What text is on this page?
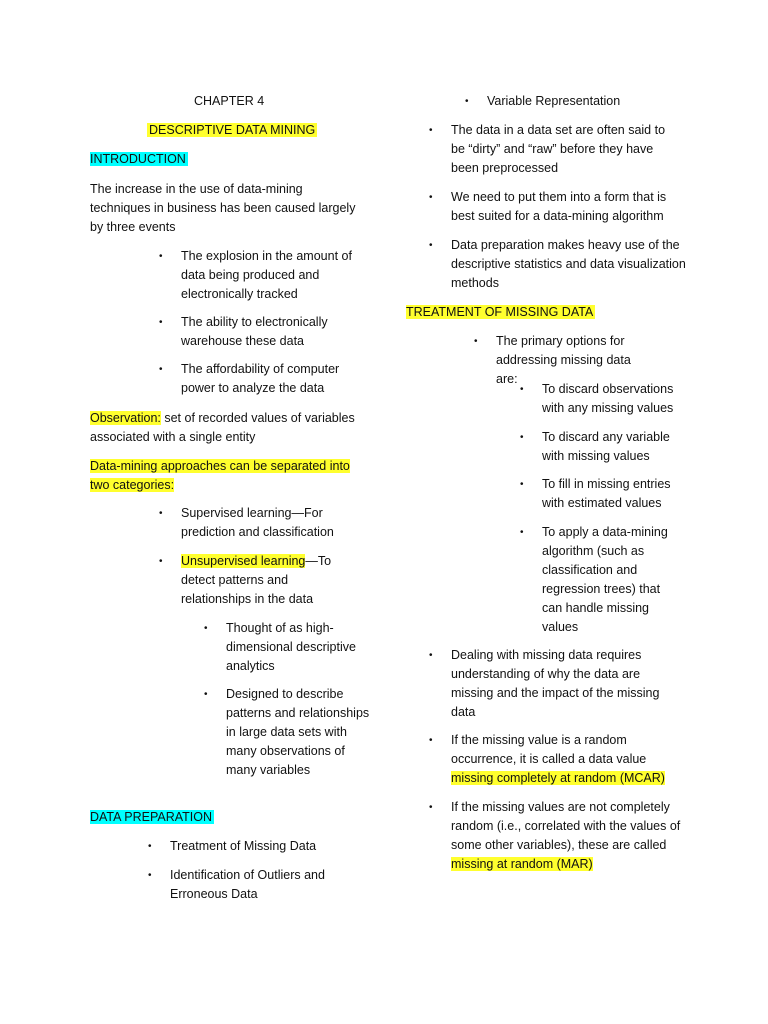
CHAPTER 4
DESCRIPTIVE DATA MINING
INTRODUCTION
The increase in the use of data-mining techniques in business has been caused largely by three events
• The explosion in the amount of data being produced and electronically tracked
• The ability to electronically warehouse these data
• The affordability of computer power to analyze the data
Observation: set of recorded values of variables associated with a single entity
Data-mining approaches can be separated into two categories:
• Supervised learning—For prediction and classification
• Unsupervised learning—To detect patterns and relationships in the data
• Thought of as high-dimensional descriptive analytics
• Designed to describe patterns and relationships in large data sets with many observations of many variables
DATA PREPARATION
• Treatment of Missing Data
• Identification of Outliers and Erroneous Data
• Variable Representation
• The data in a data set are often said to be “dirty” and “raw” before they have been preprocessed
• We need to put them into a form that is best suited for a data-mining algorithm
• Data preparation makes heavy use of the descriptive statistics and data visualization methods
TREATMENT OF MISSING DATA
• The primary options for addressing missing data are:
• To discard observations with any missing values
• To discard any variable with missing values
• To fill in missing entries with estimated values
• To apply a data-mining algorithm (such as classification and regression trees) that can handle missing values
• Dealing with missing data requires understanding of why the data are missing and the impact of the missing data
• If the missing value is a random occurrence, it is called a data value missing completely at random (MCAR)
• If the missing values are not completely random (i.e., correlated with the values of some other variables), these are called missing at random (MAR)
